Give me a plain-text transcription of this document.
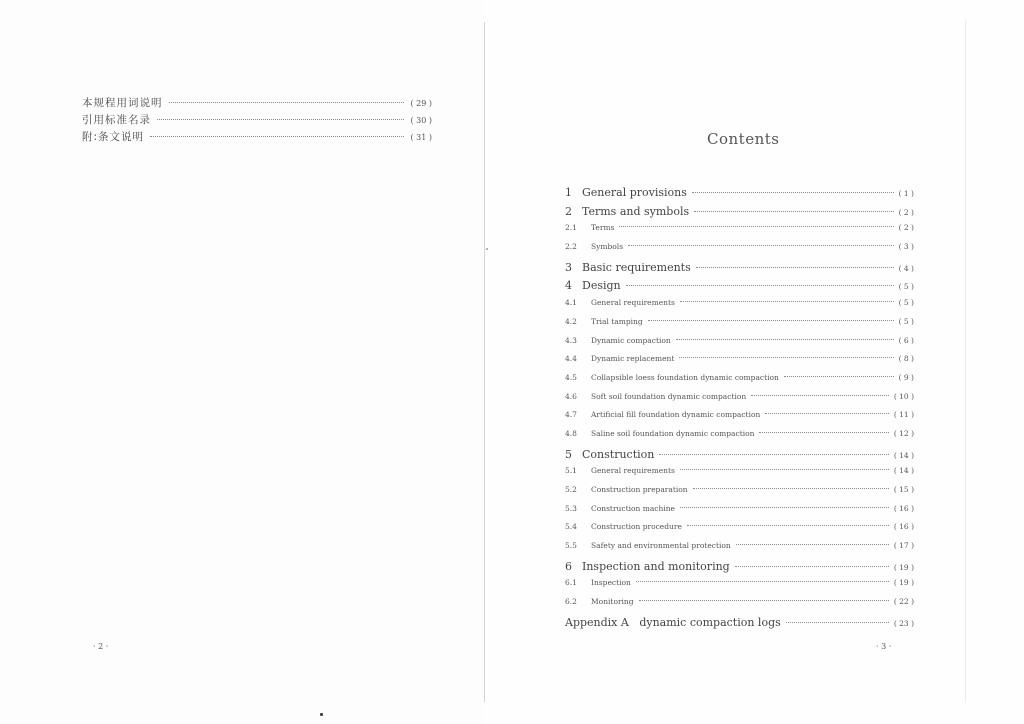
本规程用词说明	( 29 )
引用标准名录	( 30 )
附:条文说明	( 31 )
· 2 ·
Contents
1 General provisions	( 1 )
2 Terms and symbols	( 2 )
2.1	Terms	( 2 )
2.2	Symbols	( 3 )
3 Basic requirements	( 4 )
4 Design	( 5 )
4.1	General requirements	( 5 )
4.2	Trial tamping	( 5 )
4.3	Dynamic compaction	( 6 )
4.4	Dynamic replacement	( 8 )
4.5	Collapsible loess foundation dynamic compaction	( 9 )
4.6	Soft soil foundation dynamic compaction	( 10 )
4.7	Artificial fill foundation dynamic compaction	( 11 )
4.8	Saline soil foundation dynamic compaction	( 12 )
5 Construction	( 14 )
5.1	General requirements	( 14 )
5.2	Construction preparation	( 15 )
5.3	Construction machine	( 16 )
5.4	Construction procedure	( 16 )
5.5	Safety and environmental protection	( 17 )
6 Inspection and monitoring	( 19 )
6.1	Inspection	( 19 )
6.2	Monitoring	( 22 )
Appendix A   dynamic compaction logs	( 23 )
· 3 ·
